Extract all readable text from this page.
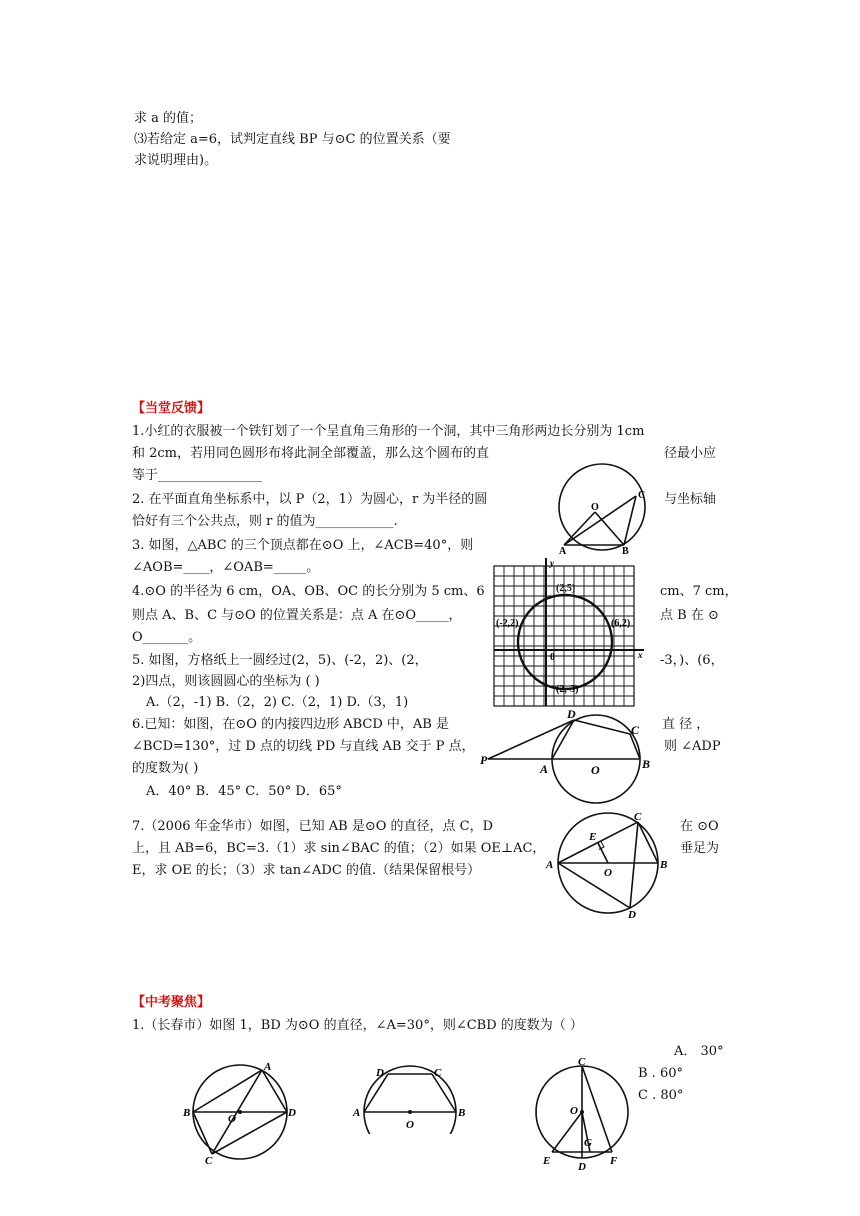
求 a 的值；
⑶若给定 a=6，试判定直线 BP 与⊙C 的位置关系（要
求说明理由)。
【当堂反馈】
1.小红的衣服被一个铁钉划了一个呈直角三角形的一个洞，其中三角形两边长分别为 1cm
和 2cm，若用同色圆形布将此洞全部覆盖，那么这个圆布的直	径最小应
等于________________
2. 在平面直角坐标系中，以 P（2，1）为圆心，r 为半径的圆	与坐标轴
恰好有三个公共点，则 r 的值为____________.
3. 如图，△ABC 的三个顶点都在⊙O 上，∠ACB=40°，则
∠AOB=____，∠OAB=_____。
4.⊙O 的半径为 6 cm，OA、OB、OC 的长分别为 5 cm、6	cm、7 cm，
则点 A、B、C 与⊙O 的位置关系是：点 A 在⊙O_____，	点 B 在 ⊙
O_______。
5. 如图，方格纸上一圆经过(2，5)、(-2，2)、(2，	-3，)、(6，
2)四点，则该圆圆心的坐标为 ( )
A.（2，-1) B.（2，2) C.（2，1) D.（3，1)
6.已知：如图，在⊙O 的内接四边形 ABCD 中，AB 是	直 径 ，
∠BCD=130°，过 D 点的切线 PD 与直线 AB 交于 P 点，	则 ∠ADP
的度数为( )
A．40° B．45° C．50° D．65°
7.（2006 年金华市）如图，已知 AB 是⊙O 的直径，点 C，D	在 ⊙O
上，且 AB=6，BC=3.（1）求 sin∠BAC 的值；（2）如果 OE⊥AC，	垂足为
E，求 OE 的长；（3）求 tan∠ADC 的值.（结果保留根号）
【中考聚焦】
1.（长春市）如图 1，BD 为⊙O 的直径，∠A=30°，则∠CBD 的度数为（ ）
A． 30°
B . 60°
C . 80°
O
C
A	B
y
x
0
(2,5)
(-2,2)	(6,2)
(2,-3)
D
C
P
A	O	B
E
C
A
O
B
D
A
B	O	D
C
D	C
A	B
O
C
O
G
E	D F
